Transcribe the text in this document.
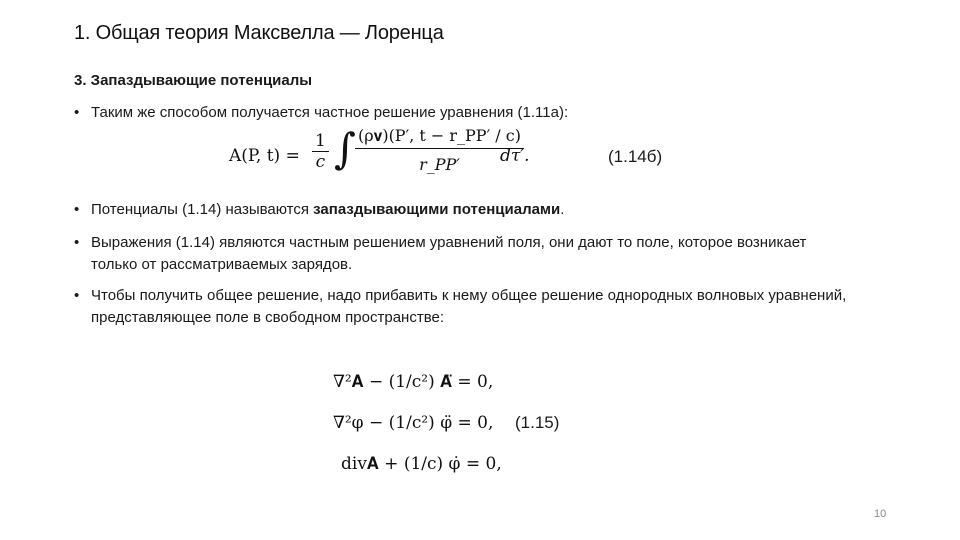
1. Общая теория Максвелла — Лоренца
3. Запаздывающие потенциалы
• Таким же способом получается частное решение уравнения (1.11а):
A(P, $t) = \frac{1}{c}$ ∫ $\frac{\text{(ρ𝐯)(P′, t − r\_PP′ / c)}}{r\_PP'}$
dτ′.	(1.14б)
• Потенциалы (1.14) называются запаздывающими потенциалами.
• Выражения (1.14) являются частным решением уравнений поля, они дают то поле, которое возникает только от рассматриваемых зарядов.
• Чтобы получить общее решение, надо прибавить к нему общее решение однородных волновых уравнений, представляющее поле в свободном пространстве:
∇²𝐀 − (1/c²) 𝐀̈ = 0,
∇²φ − (1/c²) φ̈ = 0,
div𝐀 + (1/c) φ̇ = 0,
(1.15)
10
